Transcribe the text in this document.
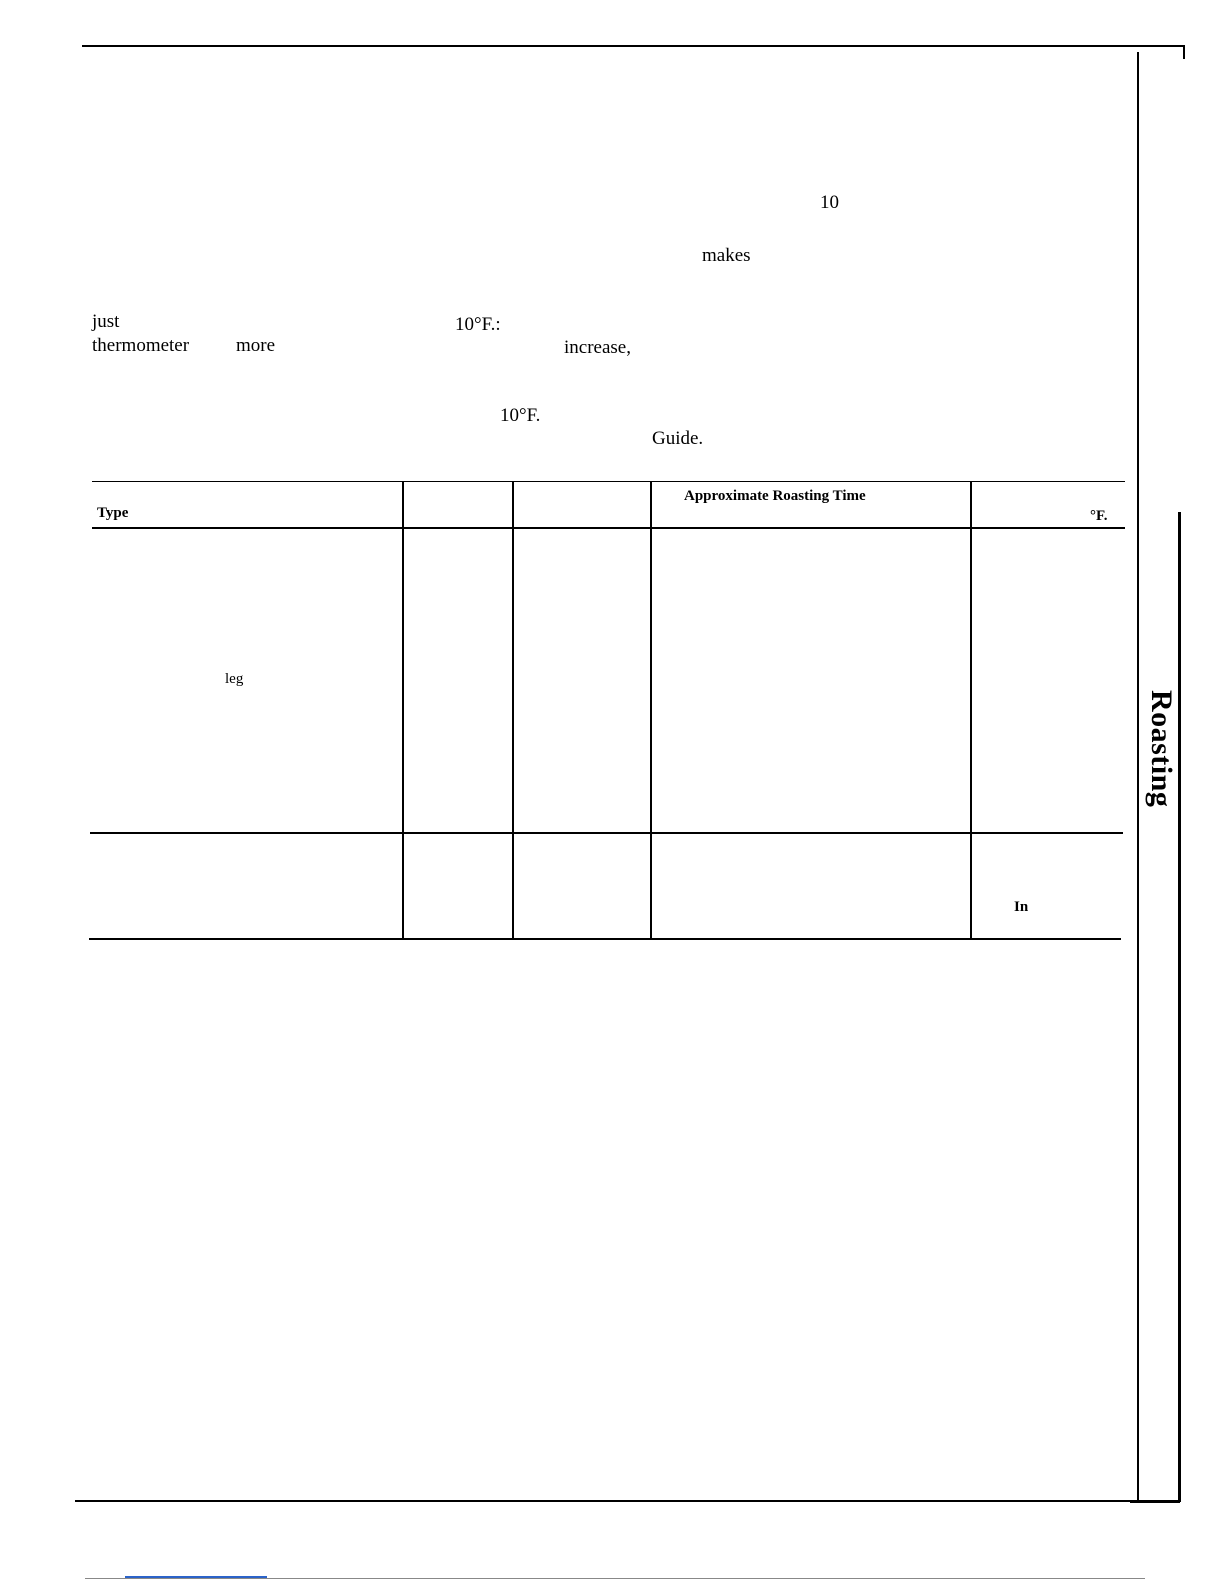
10
makes
just	10°F.:
thermometer more	increase,
10°F.
Guide.
Type
Approximate Roasting Time
°F.
leg
In
Roasting
